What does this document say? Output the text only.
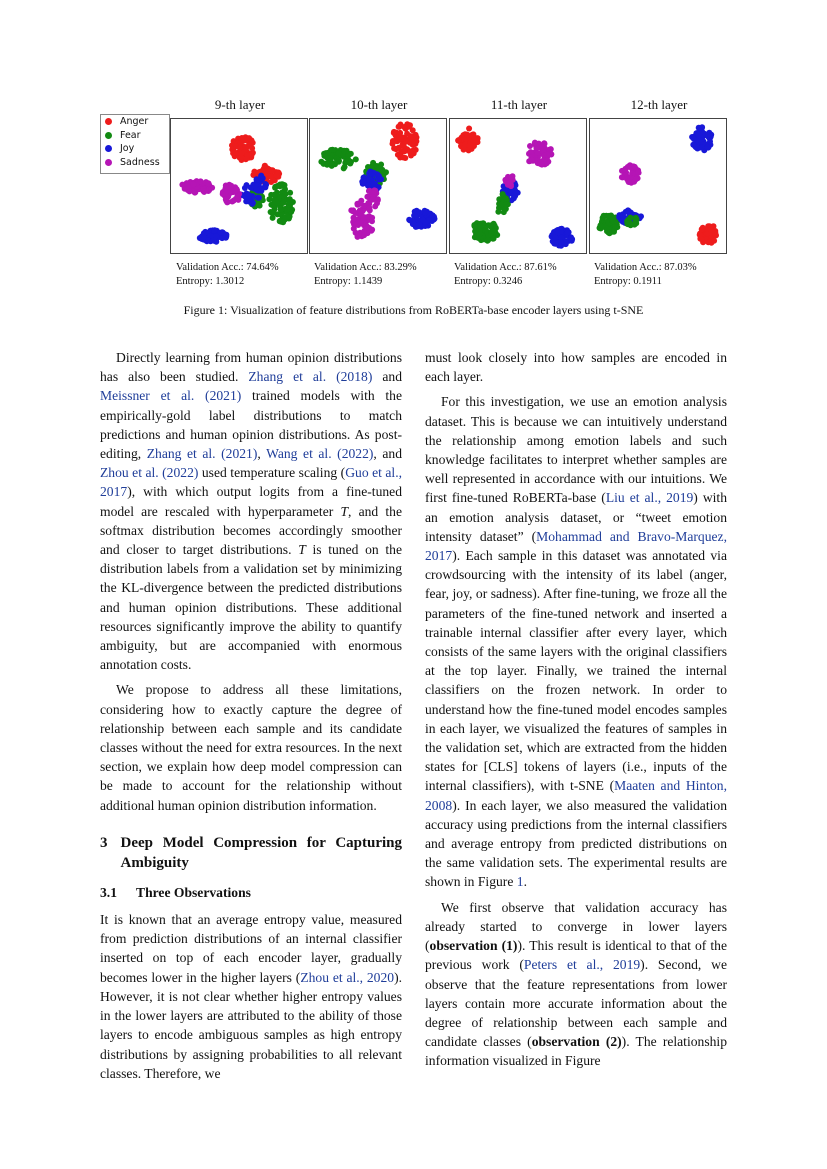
Anger
Fear
Joy
Sadness
9-th layer	10-th layer	11-th layer	12-th layer
Validation Acc.: 74.64%
Entropy: 1.3012
Validation Acc.: 83.29%
Entropy: 1.1439
Validation Acc.: 87.61%
Entropy: 0.3246
Validation Acc.: 87.03%
Entropy: 0.1911
Figure 1: Visualization of feature distributions from RoBERTa-base encoder layers using t-SNE

Directly learning from human opinion distributions has also been studied. Zhang et al. (2018) and Meissner et al. (2021) trained models with the empirically-gold label distributions to match predictions and human opinion distributions. As post-editing, Zhang et al. (2021), Wang et al. (2022), and Zhou et al. (2022) used temperature scaling (Guo et al., 2017), with which output logits from a fine-tuned model are rescaled with hyperparameter T, and the softmax distribution becomes accordingly smoother and closer to target distributions. T is tuned on the distribution labels from a validation set by minimizing the KL-divergence between the predicted distributions and human opinion distributions. These additional resources significantly improve the ability to quantify ambiguity, but are accompanied with enormous annotation costs.

We propose to address all these limitations, considering how to exactly capture the degree of relationship between each sample and its candidate classes without the need for extra resources. In the next section, we explain how deep model compression can be made to account for the relationship without additional human opinion distribution information.

3 Deep Model Compression for Capturing Ambiguity
3.1	Three Observations

It is known that an average entropy value, measured from prediction distributions of an internal classifier inserted on top of each encoder layer, gradually becomes lower in the higher layers (Zhou et al., 2020). However, it is not clear whether higher entropy values in the lower layers are attributed to the ability of those layers to encode ambiguous samples as high entropy distributions by assigning probabilities to all relevant classes. Therefore, we

must look closely into how samples are encoded in each layer.

For this investigation, we use an emotion analysis dataset. This is because we can intuitively understand the relationship among emotion labels and such knowledge facilitates to interpret whether samples are well represented in accordance with our intuitions. We first fine-tuned RoBERTa-base (Liu et al., 2019) with an emotion analysis dataset, or “tweet emotion intensity dataset” (Mohammad and Bravo-Marquez, 2017). Each sample in this dataset was annotated via crowdsourcing with the intensity of its label (anger, fear, joy, or sadness). After fine-tuning, we froze all the parameters of the fine-tuned network and inserted a trainable internal classifier after every layer, which consists of the same layers with the original classifiers at the top layer. Finally, we trained the internal classifiers on the frozen network. In order to understand how the fine-tuned model encodes samples in each layer, we visualized the features of samples in the validation set, which are extracted from the hidden states for [CLS] tokens of layers (i.e., inputs of the internal classifiers), with t-SNE (Maaten and Hinton, 2008). In each layer, we also measured the validation accuracy using predictions from the internal classifiers and average entropy from predicted distributions on the same validation sets. The experimental results are shown in Figure 1.

We first observe that validation accuracy has already started to converge in lower layers (observation (1)). This result is identical to that of the previous work (Peters et al., 2019). Second, we observe that the feature representations from lower layers contain more accurate information about the degree of relationship between each sample and candidate classes (observation (2)). The relationship information visualized in Figure
